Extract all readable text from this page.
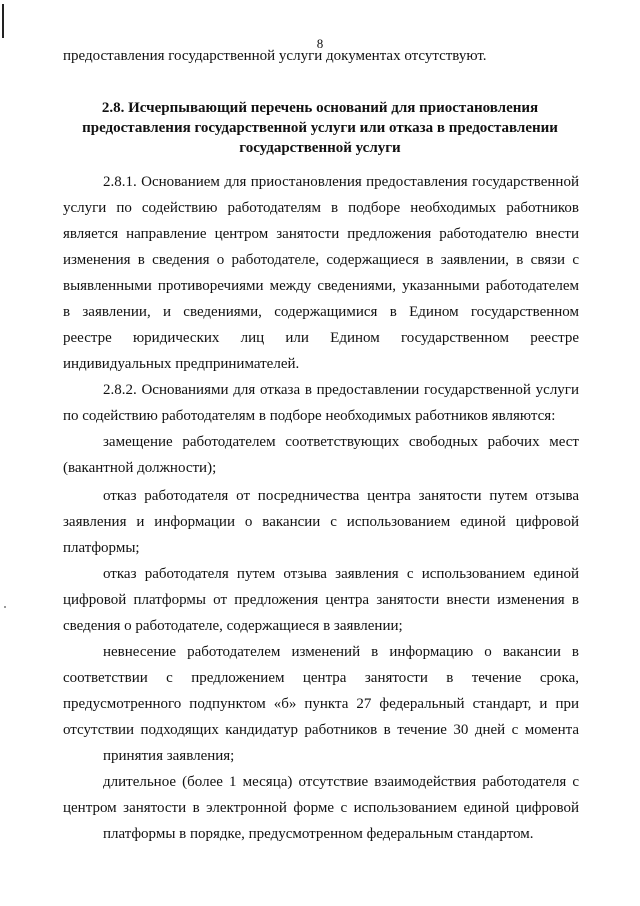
8
предоставления государственной услуги документах отсутствуют.
2.8. Исчерпывающий перечень оснований для приостановления
предоставления государственной услуги или отказа в предоставлении
государственной услуги
2.8.1. Основанием для приостановления предоставления государственной
услуги по содействию работодателям в подборе необходимых работников
является направление центром занятости предложения работодателю внести
изменения в сведения о работодателе, содержащиеся в заявлении, в связи с
выявленными противоречиями между сведениями, указанными работодателем
в заявлении, и сведениями, содержащимися в Едином государственном
реестре юридических лиц или Едином государственном реестре
индивидуальных предпринимателей.
2.8.2. Основаниями для отказа в предоставлении государственной услуги
по содействию работодателям в подборе необходимых работников являются:
замещение работодателем соответствующих свободных рабочих мест
(вакантной должности);
отказ работодателя от посредничества центра занятости путем отзыва
заявления и информации о вакансии с использованием единой цифровой
платформы;
отказ работодателя путем отзыва заявления с использованием единой
цифровой платформы от предложения центра занятости внести изменения в
сведения о работодателе, содержащиеся в заявлении;
невнесение работодателем изменений в информацию о вакансии в
соответствии с предложением центра занятости в течение срока,
предусмотренного подпунктом «б» пункта 27 федеральный стандарт, и при
отсутствии подходящих кандидатур работников в течение 30 дней с момента
принятия заявления;
длительное (более 1 месяца) отсутствие взаимодействия работодателя с
центром занятости в электронной форме с использованием единой цифровой
платформы в порядке, предусмотренном федеральным стандартом.
